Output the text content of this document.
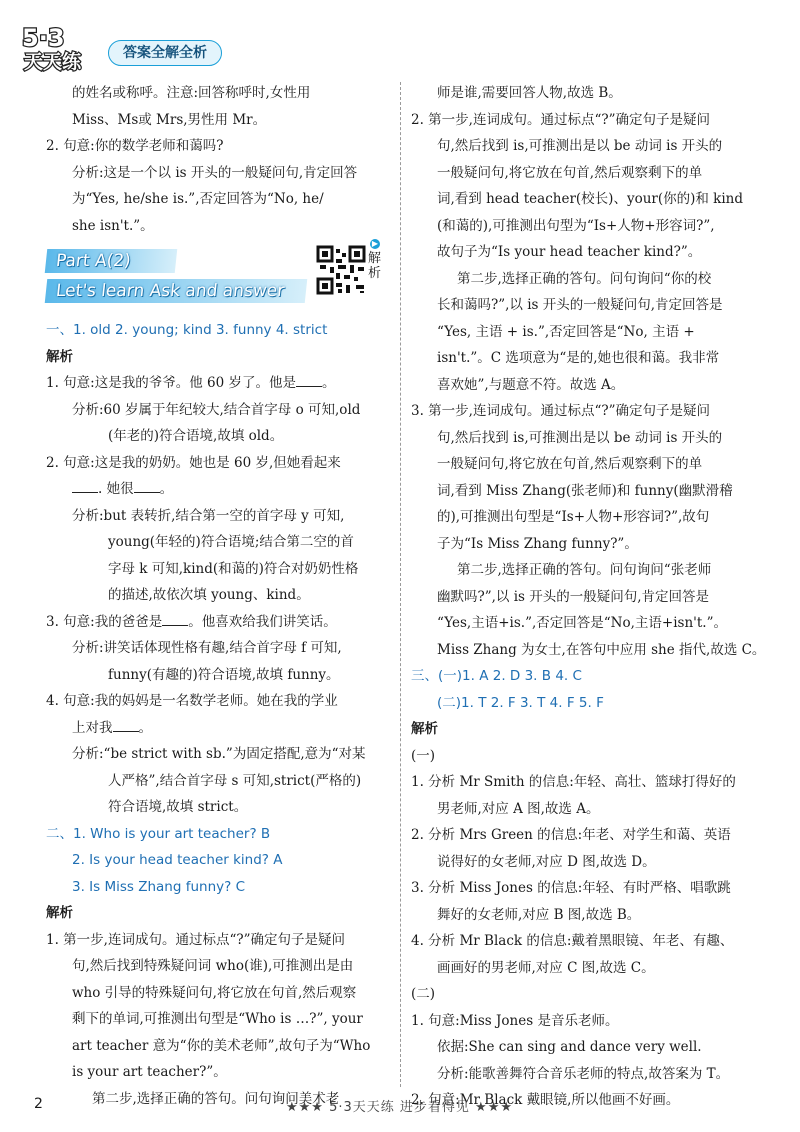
5·3
天天练	答案全解全析
的姓名或称呼。注意:回答称呼时,女性用
Miss、Ms或 Mrs,男性用 Mr。
2. 句意:你的数学老师和蔼吗?
分析:这是一个以 is 开头的一般疑问句,肯定回答
为“Yes, he/she is.”,否定回答为“No, he/
she isn't.”。
Part A(2)
Let's learn Ask and answer
▶
解析
一、1. old 2. young; kind 3. funny 4. strict
解析
1. 句意:这是我的爷爷。他 60 岁了。他是 。
分析:60 岁属于年纪较大,结合首字母 o 可知,old
(年老的)符合语境,故填 old。
2. 句意:这是我的奶奶。她也是 60 岁,但她看起来
. 她很 。
分析:but 表转折,结合第一空的首字母 y 可知,
young(年轻的)符合语境;结合第二空的首
字母 k 可知,kind(和蔼的)符合对奶奶性格
的描述,故依次填 young、kind。
3. 句意:我的爸爸是 。他喜欢给我们讲笑话。
分析:讲笑话体现性格有趣,结合首字母 f 可知,
funny(有趣的)符合语境,故填 funny。
4. 句意:我的妈妈是一名数学老师。她在我的学业
上对我 。
分析:“be strict with sb.”为固定搭配,意为“对某
人严格”,结合首字母 s 可知,strict(严格的)
符合语境,故填 strict。
二、1. Who is your art teacher? B
2. Is your head teacher kind? A
3. Is Miss Zhang funny? C
解析
1. 第一步,连词成句。通过标点“?”确定句子是疑问
句,然后找到特殊疑问词 who(谁),可推测出是由
who 引导的特殊疑问句,将它放在句首,然后观察
剩下的单词,可推测出句型是“Who is …?”, your
art teacher 意为“你的美术老师”,故句子为“Who
is your art teacher?”。
第二步,选择正确的答句。问句询问美术老
师是谁,需要回答人物,故选 B。
2. 第一步,连词成句。通过标点“?”确定句子是疑问
句,然后找到 is,可推测出是以 be 动词 is 开头的
一般疑问句,将它放在句首,然后观察剩下的单
词,看到 head teacher(校长)、your(你的)和 kind
(和蔼的),可推测出句型为“Is+人物+形容词?”,
故句子为“Is your head teacher kind?”。
第二步,选择正确的答句。问句询问“你的校
长和蔼吗?”,以 is 开头的一般疑问句,肯定回答是
“Yes, 主语 + is.”,否定回答是“No, 主语 +
isn't.”。C 选项意为“是的,她也很和蔼。我非常
喜欢她”,与题意不符。故选 A。
3. 第一步,连词成句。通过标点“?”确定句子是疑问
句,然后找到 is,可推测出是以 be 动词 is 开头的
一般疑问句,将它放在句首,然后观察剩下的单
词,看到 Miss Zhang(张老师)和 funny(幽默滑稽
的),可推测出句型是“Is+人物+形容词?”,故句
子为“Is Miss Zhang funny?”。
第二步,选择正确的答句。问句询问“张老师
幽默吗?”,以 is 开头的一般疑问句,肯定回答是
“Yes,主语+is.”,否定回答是“No,主语+isn't.”。
Miss Zhang 为女士,在答句中应用 she 指代,故选 C。
三、(一)1. A 2. D 3. B 4. C
(二)1. T 2. F 3. T 4. F 5. F
解析
(一)
1. 分析 Mr Smith 的信息:年轻、高壮、篮球打得好的
男老师,对应 A 图,故选 A。
2. 分析 Mrs Green 的信息:年老、对学生和蔼、英语
说得好的女老师,对应 D 图,故选 D。
3. 分析 Miss Jones 的信息:年轻、有时严格、唱歌跳
舞好的女老师,对应 B 图,故选 B。
4. 分析 Mr Black 的信息:戴着黑眼镜、年老、有趣、
画画好的男老师,对应 C 图,故选 C。
(二)
1. 句意:Miss Jones 是音乐老师。
依据:She can sing and dance very well.
分析:能歌善舞符合音乐老师的特点,故答案为 T。
2. 句意:Mr Black 戴眼镜,所以他画不好画。
2	★★★ 5·3天天练 进步看得见 ★★★
